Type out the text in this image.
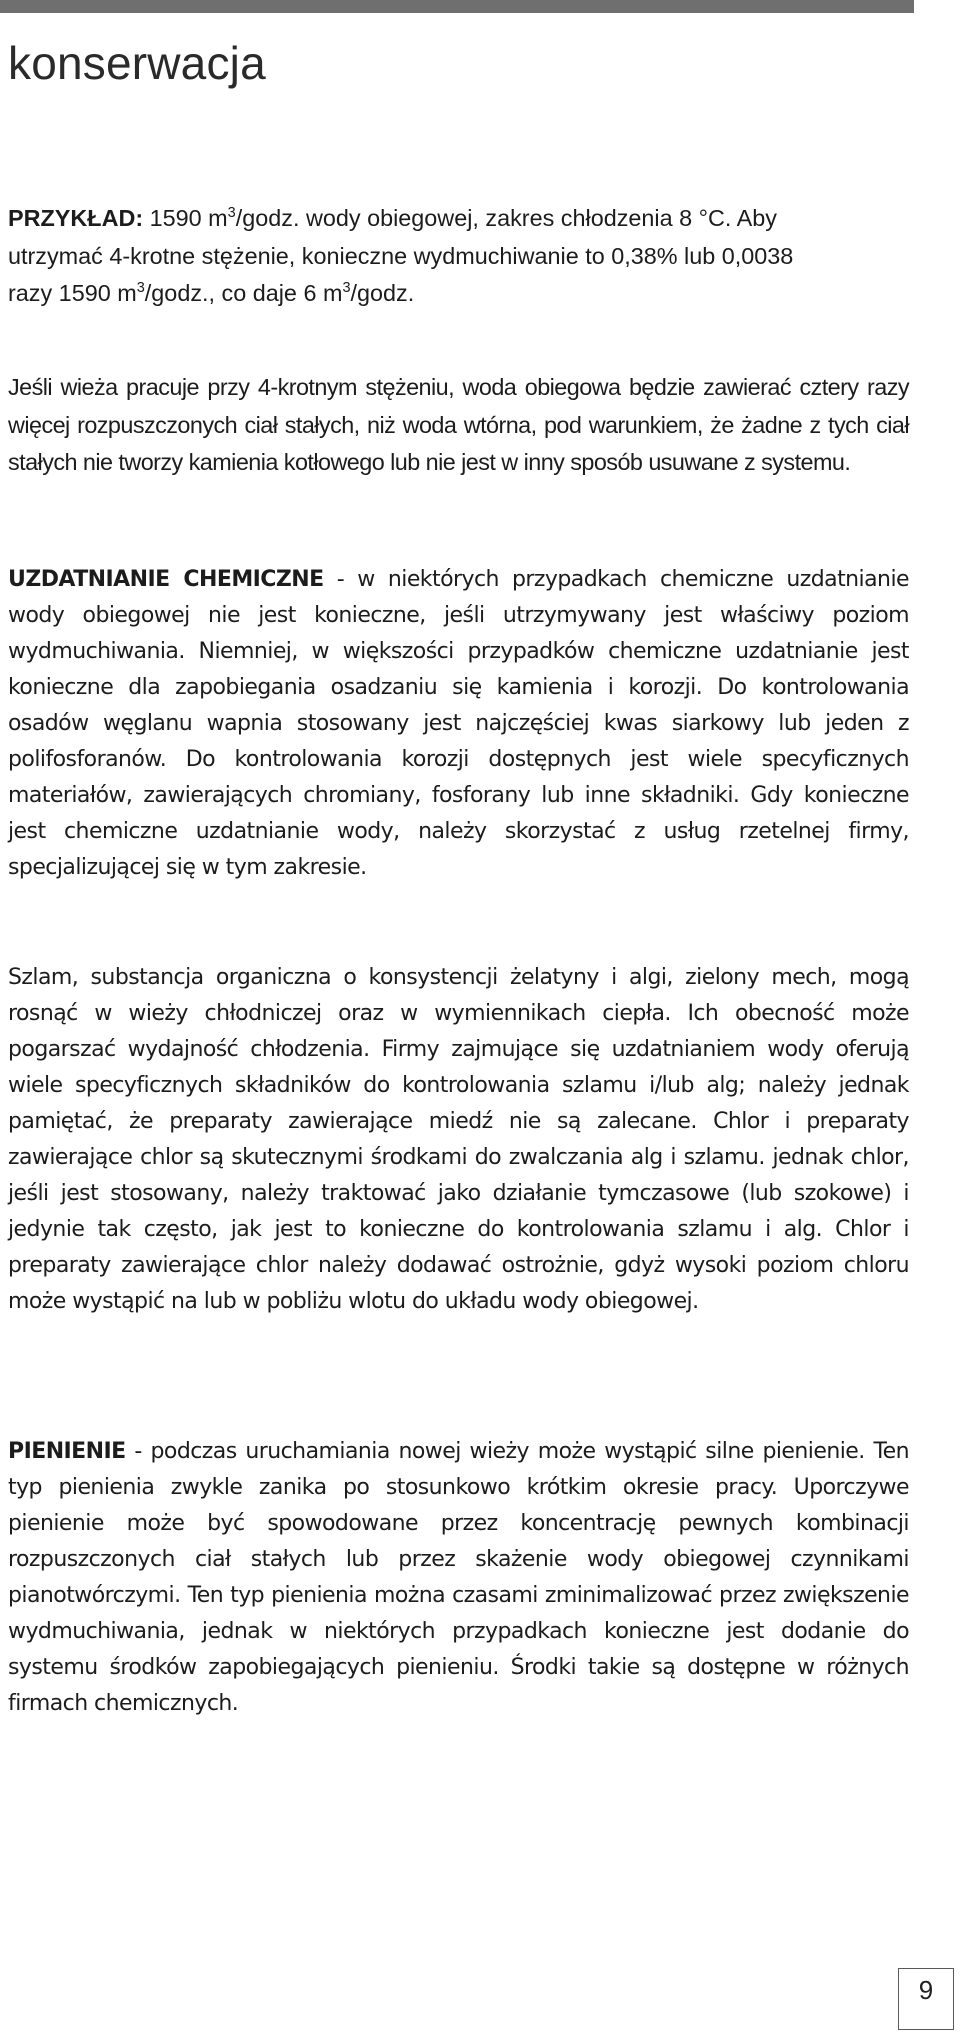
konserwacja
PRZYKŁAD: 1590 $m^3$/godz. wody obiegowej, zakres chłodzenia 8 °C. Aby
utrzymać 4-krotne stężenie, konieczne wydmuchiwanie to 0,38% lub 0,0038
razy 1590 $m^3$/godz., co daje 6 $m^3$/godz.
Jeśli wieża pracuje przy 4-krotnym stężeniu, woda obiegowa będzie zawierać cztery razy więcej rozpuszczonych ciał stałych, niż woda wtórna, pod warunkiem, że żadne z tych ciał stałych nie tworzy kamienia kotłowego lub nie jest w inny sposób usuwane z systemu.
UZDATNIANIE CHEMICZNE - w niektórych przypadkach chemiczne uzdatnianie wody obiegowej nie jest konieczne, jeśli utrzymywany jest właściwy poziom wydmuchiwania. Niemniej, w większości przypadków chemiczne uzdatnianie jest konieczne dla zapobiegania osadzaniu się kamienia i korozji. Do kontrolowania osadów węglanu wapnia stosowany jest najczęściej kwas siarkowy lub jeden z polifosforanów. Do kontrolowania korozji dostępnych jest wiele specyficznych materiałów, zawierających chromiany, fosforany lub inne składniki. Gdy konieczne jest chemiczne uzdatnianie wody, należy skorzystać z usług rzetelnej firmy, specjalizującej się w tym zakresie.
Szlam, substancja organiczna o konsystencji żelatyny i algi, zielony mech, mogą rosnąć w wieży chłodniczej oraz w wymiennikach ciepła. Ich obecność może pogarszać wydajność chłodzenia. Firmy zajmujące się uzdatnianiem wody oferują wiele specyficznych składników do kontrolowania szlamu i/lub alg; należy jednak pamiętać, że preparaty zawierające miedź nie są zalecane. Chlor i preparaty zawierające chlor są skutecznymi środkami do zwalczania alg i szlamu. jednak chlor, jeśli jest stosowany, należy traktować jako działanie tymczasowe (lub szokowe) i jedynie tak często, jak jest to konieczne do kontrolowania szlamu i alg. Chlor i preparaty zawierające chlor należy dodawać ostrożnie, gdyż wysoki poziom chloru może wystąpić na lub w pobliżu wlotu do układu wody obiegowej.
PIENIENIE - podczas uruchamiania nowej wieży może wystąpić silne pienienie. Ten typ pienienia zwykle zanika po stosunkowo krótkim okresie pracy. Uporczywe pienienie może być spowodowane przez koncentrację pewnych kombinacji rozpuszczonych ciał stałych lub przez skażenie wody obiegowej czynnikami pianotwórczymi. Ten typ pienienia można czasami zminimalizować przez zwiększenie wydmuchiwania, jednak w niektórych przypadkach konieczne jest dodanie do systemu środków zapobiegających pienieniu. Środki takie są dostępne w różnych firmach chemicznych.
9
